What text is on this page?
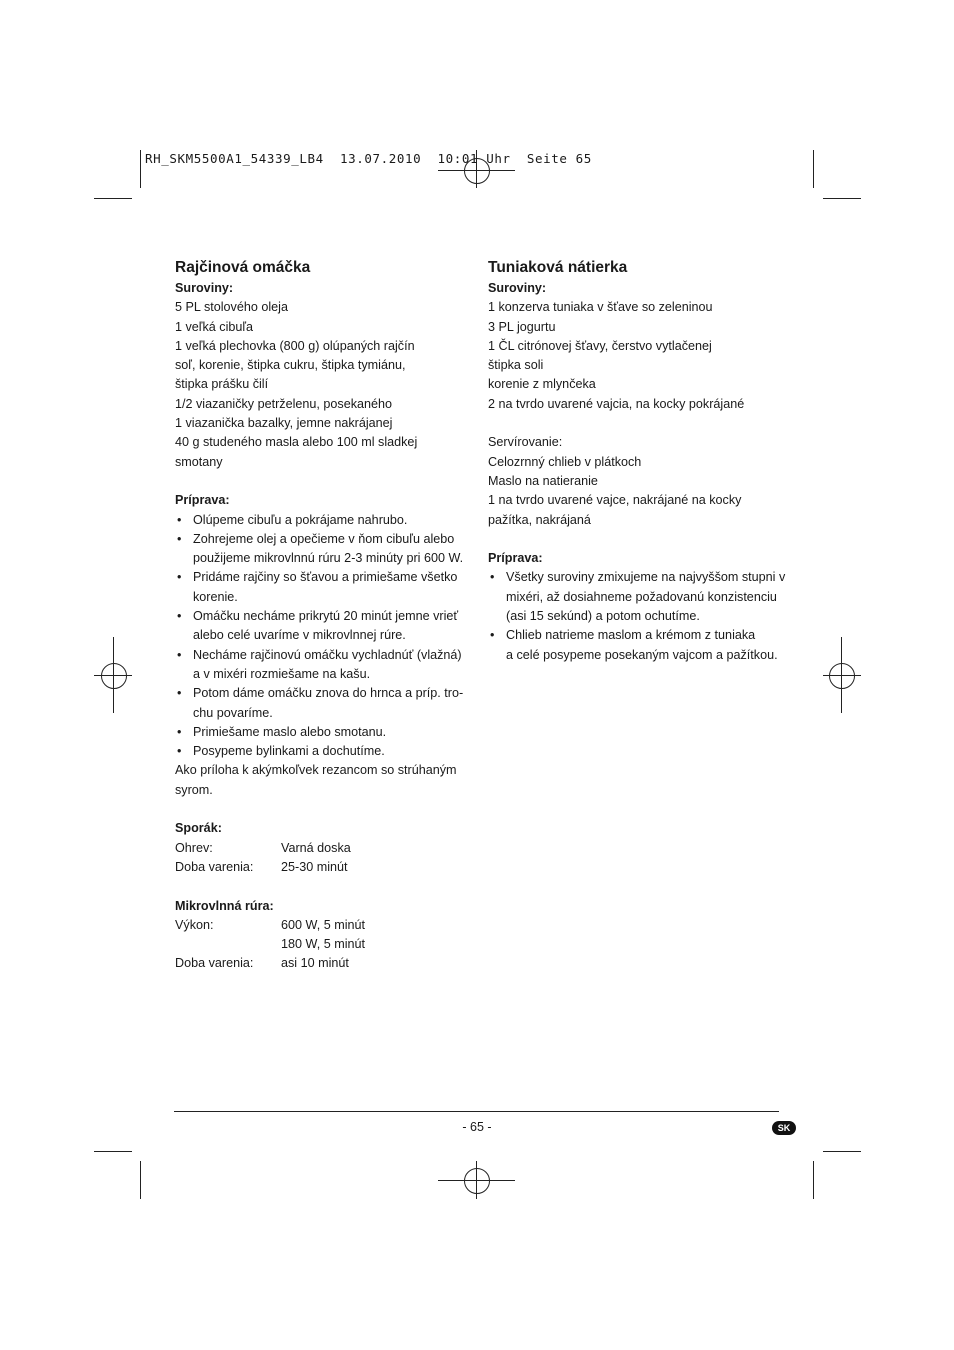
RH_SKM5500A1_54339_LB4  13.07.2010  10:01 Uhr  Seite 65

Rajčinová omáčka

Suroviny:

5 PL stolového oleja

1 veľká cibuľa

1 veľká plechovka (800 g) olúpaných rajčín

soľ, korenie, štipka cukru, štipka tymiánu,

štipka prášku čilí

1/2 viazaničky petrželenu, posekaného

1 viazanička bazalky, jemne nakrájanej

40 g studeného masla alebo 100 ml sladkej

smotany

Príprava:
• Olúpeme cibuľu a pokrájame nahrubo.

• Zohrejeme olej a opečieme v ňom cibuľu alebo

použijeme mikrovlnnú rúru 2-3 minúty pri 600 W.

• Pridáme rajčiny so šťavou a primiešame všetko

korenie.

• Omáčku necháme prikrytú 20 minút jemne vrieť

alebo celé uvaríme v mikrovlnnej rúre.

• Necháme rajčinovú omáčku vychladnúť (vlažná)

a v mixéri rozmiešame na kašu.

• Potom dáme omáčku znova do hrnca a príp. tro-

chu povaríme.

• Primiešame maslo alebo smotanu.

• Posypeme bylinkami a dochutíme.

Ako príloha k akýmkoľvek rezancom so strúhaným

syrom.

Sporák:
Ohrev:	Varná doska
Doba varenia:	25-30 minút
Mikrovlnná rúra:
Výkon:	600 W, 5 minút
180 W, 5 minút
Doba varenia:	asi 10 minút

Tuniaková nátierka

Suroviny:

1 konzerva tuniaka v šťave so zeleninou

3 PL jogurtu

1 ČL citrónovej šťavy, čerstvo vytlačenej

štipka soli

korenie z mlynčeka

2 na tvrdo uvarené vajcia, na kocky pokrájané

Servírovanie:

Celozrnný chlieb v plátkoch

Maslo na natieranie

1 na tvrdo uvarené vajce, nakrájané na kocky

pažítka, nakrájaná

Príprava:
• Všetky suroviny zmixujeme na najvyššom stupni v

mixéri, až dosiahneme požadovanú konzistenciu

(asi 15 sekúnd) a potom ochutíme.

• Chlieb natrieme maslom a krémom z tuniaka

a celé posypeme posekaným vajcom a pažítkou.

- 65 -	SK
